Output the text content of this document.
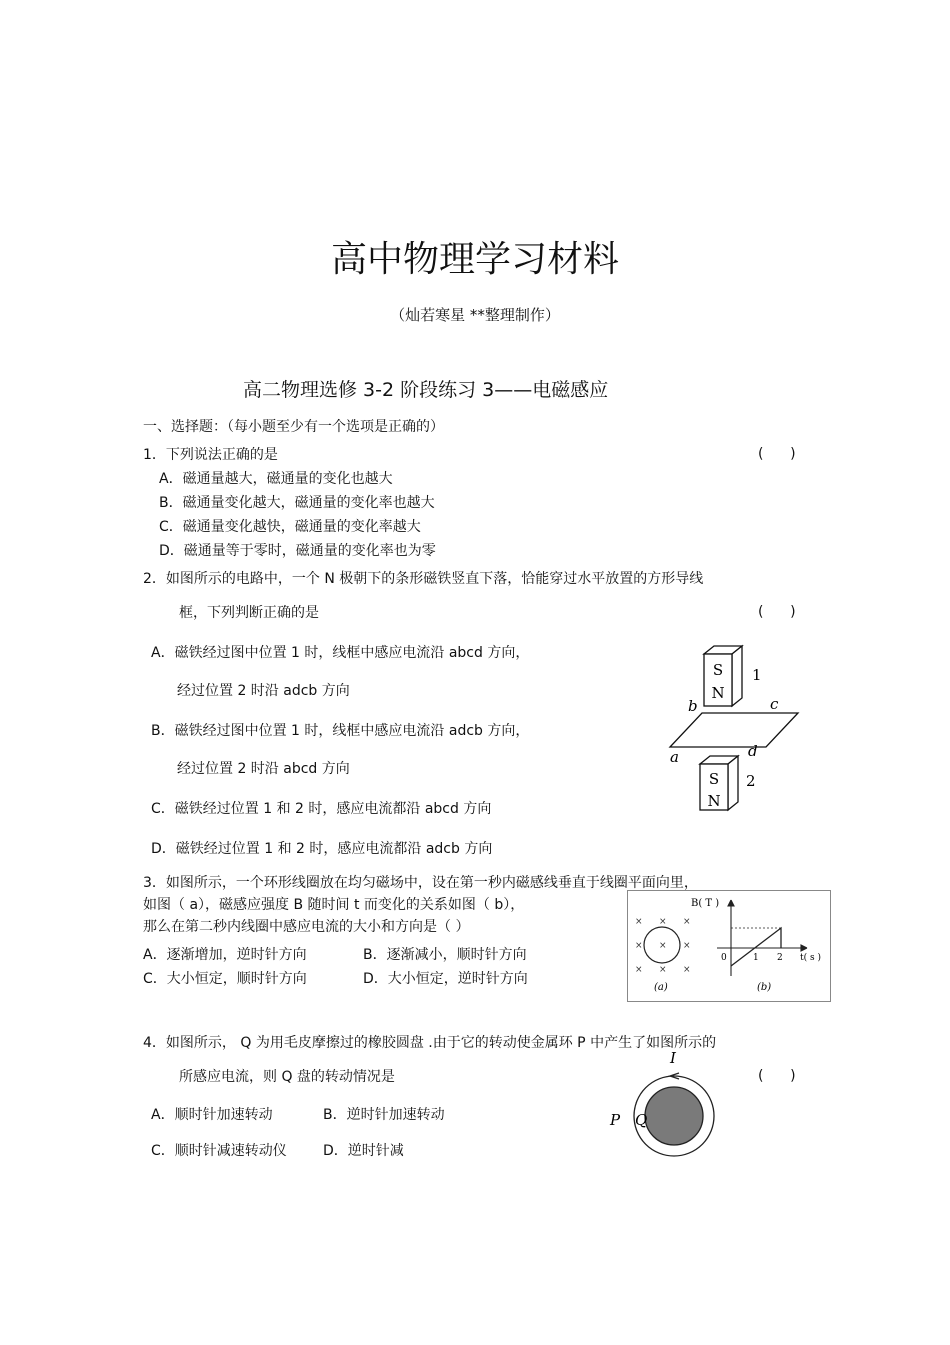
高中物理学习材料
（灿若寒星 **整理制作）
高二物理选修 3-2 阶段练习 3——电磁感应
一、选择题：（每小题至少有一个选项是正确的）
1．下列说法正确的是	(      )
A．磁通量越大，磁通量的变化也越大
B．磁通量变化越大，磁通量的变化率也越大
C．磁通量变化越快，磁通量的变化率越大
D．磁通量等于零时，磁通量的变化率也为零
2．如图所示的电路中，一个 N 极朝下的条形磁铁竖直下落，恰能穿过水平放置的方形导线
框，下列判断正确的是	(      )
A．磁铁经过图中位置 1 时，线框中感应电流沿 abcd 方向，
经过位置 2 时沿 adcb 方向
B．磁铁经过图中位置 1 时，线框中感应电流沿 adcb 方向，
经过位置 2 时沿 abcd 方向
C．磁铁经过位置 1 和 2 时，感应电流都沿 abcd 方向
D．磁铁经过位置 1 和 2 时，感应电流都沿 adcb 方向
S
N
1
b	c
a	d
S
N
2
3．如图所示，一个环形线圈放在均匀磁场中，设在第一秒内磁感线垂直于线圈平面向里，
如图（ a），磁感应强度 B 随时间 t 而变化的关系如图（ b），
那么在第二秒内线圈中感应电流的大小和方向是（ ）
A．逐渐增加，逆时针方向	B．逐渐减小，顺时针方向
C．大小恒定，顺时针方向	D．大小恒定，逆时针方向
× × ×
× × ×
× × ×
(a)
B( T )
t( s )
0	1 2
(b)
4．如图所示， Q 为用毛皮摩擦过的橡胶圆盘 .由于它的转动使金属环 P 中产生了如图所示的
所感应电流，则 Q 盘的转动情况是	(      )
A．顺时针加速转动	B．逆时针加速转动
C．顺时针减速转动仪	D．逆时针减
I
P Q
